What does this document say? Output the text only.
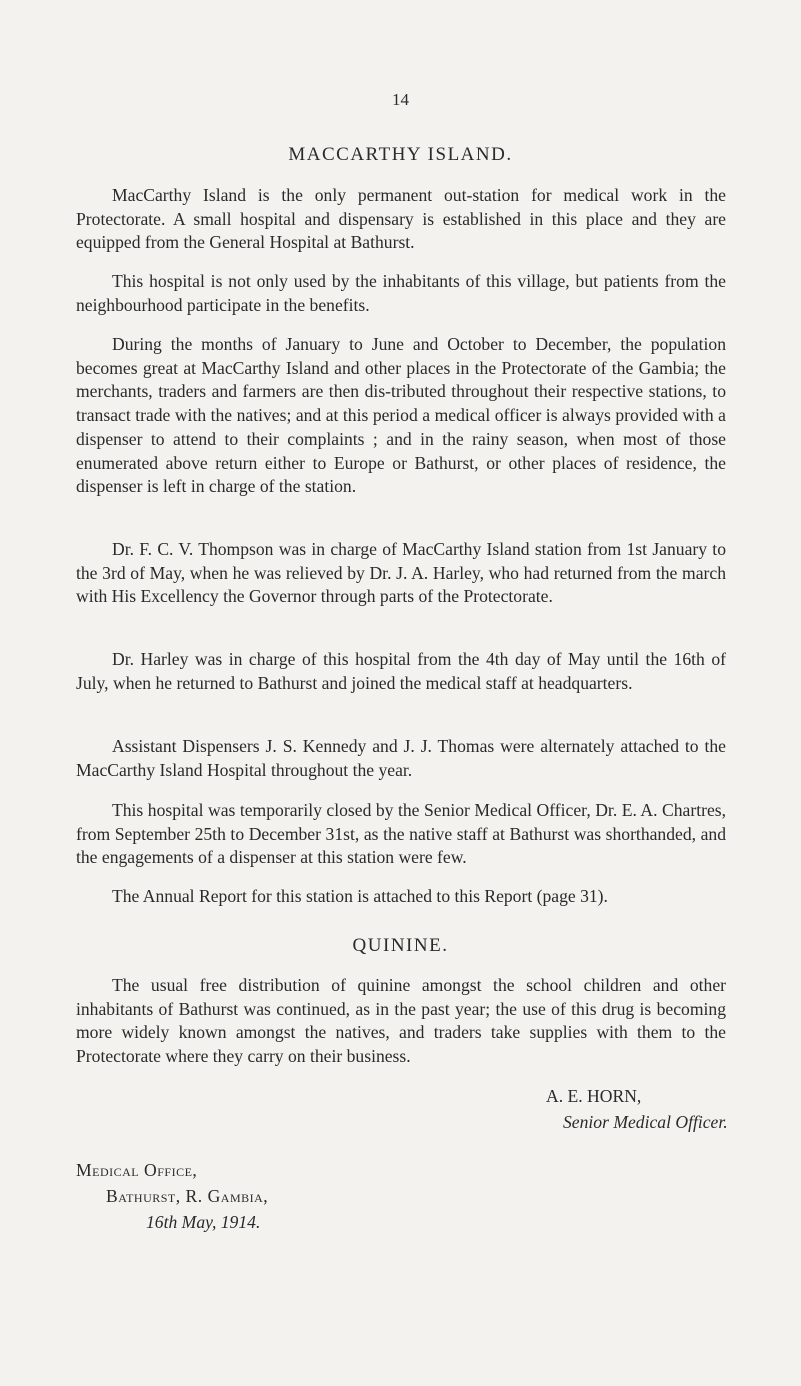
14
MACCARTHY ISLAND.

MacCarthy Island is the only permanent out-station for medical work in the Protectorate. A small hospital and dispensary is established in this place and they are equipped from the General Hospital at Bathurst.

This hospital is not only used by the inhabitants of this village, but patients from the neighbourhood participate in the benefits.

During the months of January to June and October to December, the population becomes great at MacCarthy Island and other places in the Protectorate of the Gambia; the merchants, traders and farmers are then dis-tributed throughout their respective stations, to transact trade with the natives; and at this period a medical officer is always provided with a dispenser to attend to their complaints ; and in the rainy season, when most of those enumerated above return either to Europe or Bathurst, or other places of residence, the dispenser is left in charge of the station.

Dr. F. C. V. Thompson was in charge of MacCarthy Island station from 1st January to the 3rd of May, when he was relieved by Dr. J. A. Harley, who had returned from the march with His Excellency the Governor through parts of the Protectorate.

Dr. Harley was in charge of this hospital from the 4th day of May until the 16th of July, when he returned to Bathurst and joined the medical staff at headquarters.

Assistant Dispensers J. S. Kennedy and J. J. Thomas were alternately attached to the MacCarthy Island Hospital throughout the year.

This hospital was temporarily closed by the Senior Medical Officer, Dr. E. A. Chartres, from September 25th to December 31st, as the native staff at Bathurst was shorthanded, and the engagements of a dispenser at this station were few.

The Annual Report for this station is attached to this Report (page 31).

QUININE.

The usual free distribution of quinine amongst the school children and other inhabitants of Bathurst was continued, as in the past year; the use of this drug is becoming more widely known amongst the natives, and traders take supplies with them to the Protectorate where they carry on their business.

A. E. HORN,
Senior Medical Officer.
Medical Office,
Bathurst, R. Gambia,
16th May, 1914.
